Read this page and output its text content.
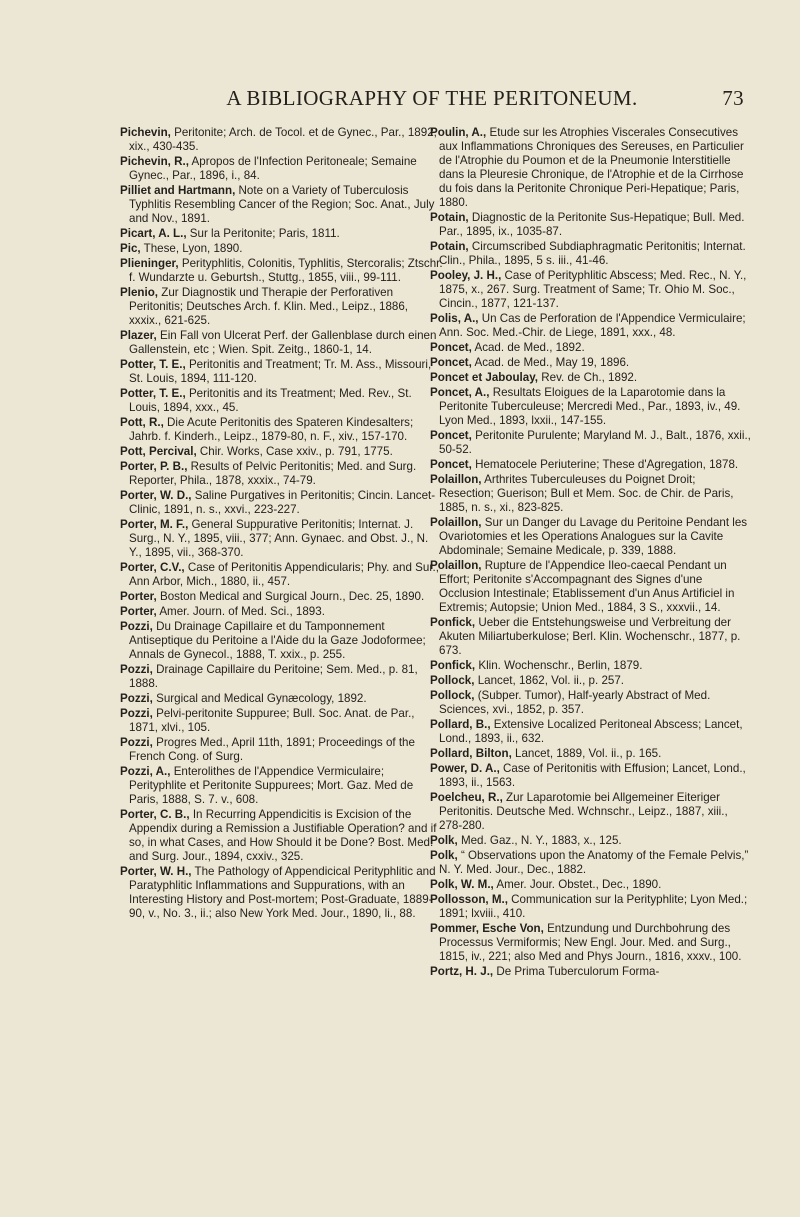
A BIBLIOGRAPHY OF THE PERITONEUM.	73
Pichevin, Peritonite; Arch. de Tocol. et de Gynec., Par., 1892, xix., 430-435.
Pichevin, R., Apropos de l'Infection Peritoneale; Semaine Gynec., Par., 1896, i., 84.
Pilliet and Hartmann, Note on a Variety of Tuberculosis Typhlitis Resembling Cancer of the Region; Soc. Anat., July and Nov., 1891.
Picart, A. L., Sur la Peritonite; Paris, 1811.
Pic, These, Lyon, 1890.
Plieninger, Perityphlitis, Colonitis, Typhlitis, Stercoralis; Ztschr. f. Wundarzte u. Geburtsh., Stuttg., 1855, viii., 99-111.
Plenio, Zur Diagnostik und Therapie der Perforativen Peritonitis; Deutsches Arch. f. Klin. Med., Leipz., 1886, xxxix., 621-625.
Plazer, Ein Fall von Ulcerat Perf. der Gallenblase durch einen Gallenstein, etc ; Wien. Spit. Zeitg., 1860-1, 14.
Potter, T. E., Peritonitis and Treatment; Tr. M. Ass., Missouri, St. Louis, 1894, 111-120.
Potter, T. E., Peritonitis and its Treatment; Med. Rev., St. Louis, 1894, xxx., 45.
Pott, R., Die Acute Peritonitis des Spateren Kindesalters; Jahrb. f. Kinderh., Leipz., 1879-80, n. F., xiv., 157-170.
Pott, Percival, Chir. Works, Case xxiv., p. 791, 1775.
Porter, P. B., Results of Pelvic Peritonitis; Med. and Surg. Reporter, Phila., 1878, xxxix., 74-79.
Porter, W. D., Saline Purgatives in Peritonitis; Cincin. Lancet-Clinic, 1891, n. s., xxvi., 223-227.
Porter, M. F., General Suppurative Peritonitis; Internat. J. Surg., N. Y., 1895, viii., 377; Ann. Gynaec. and Obst. J., N. Y., 1895, vii., 368-370.
Porter, C.V., Case of Peritonitis Appendicularis; Phy. and Sur., Ann Arbor, Mich., 1880, ii., 457.
Porter, Boston Medical and Surgical Journ., Dec. 25, 1890.
Porter, Amer. Journ. of Med. Sci., 1893.
Pozzi, Du Drainage Capillaire et du Tamponnement Antiseptique du Peritoine a l'Aide du la Gaze Jodoformee; Annals de Gynecol., 1888, T. xxix., p. 255.
Pozzi, Drainage Capillaire du Peritoine; Sem. Med., p. 81, 1888.
Pozzi, Surgical and Medical Gynæcology, 1892.
Pozzi, Pelvi-peritonite Suppuree; Bull. Soc. Anat. de Par., 1871, xlvi., 105.
Pozzi, Progres Med., April 11th, 1891; Proceedings of the French Cong. of Surg.
Pozzi, A., Enterolithes de l'Appendice Vermiculaire; Perityphlite et Peritonite Suppurees; Mort. Gaz. Med de Paris, 1888, S. 7. v., 608.
Porter, C. B., In Recurring Appendicitis is Excision of the Appendix during a Remission a Justifiable Operation? and if so, in what Cases, and How Should it be Done? Bost. Med. and Surg. Jour., 1894, cxxiv., 325.
Porter, W. H., The Pathology of Appendicical Perityphlitic and Paratyphlitic Inflammations and Suppurations, with an Interesting History and Post-mortem; Post-Graduate, 1889-90, v., No. 3., ii.; also New York Med. Jour., 1890, li., 88.
Poulin, A., Etude sur les Atrophies Viscerales Consecutives aux Inflammations Chroniques des Sereuses, en Particulier de l'Atrophie du Poumon et de la Pneumonie Interstitielle dans la Pleuresie Chronique, de l'Atrophie et de la Cirrhose du fois dans la Peritonite Chronique Peri-Hepatique; Paris, 1880.
Potain, Diagnostic de la Peritonite Sus-Hepatique; Bull. Med. Par., 1895, ix., 1035-87.
Potain, Circumscribed Subdiaphragmatic Peritonitis; Internat. Clin., Phila., 1895, 5 s. iii., 41-46.
Pooley, J. H., Case of Perityphlitic Abscess; Med. Rec., N. Y., 1875, x., 267. Surg. Treatment of Same; Tr. Ohio M. Soc., Cincin., 1877, 121-137.
Polis, A., Un Cas de Perforation de l'Appendice Vermiculaire; Ann. Soc. Med.-Chir. de Liege, 1891, xxx., 48.
Poncet, Acad. de Med., 1892.
Poncet, Acad. de Med., May 19, 1896.
Poncet et Jaboulay, Rev. de Ch., 1892.
Poncet, A., Resultats Eloigues de la Laparotomie dans la Peritonite Tuberculeuse; Mercredi Med., Par., 1893, iv., 49. Lyon Med., 1893, lxxii., 147-155.
Poncet, Peritonite Purulente; Maryland M. J., Balt., 1876, xxii., 50-52.
Poncet, Hematocele Periuterine; These d'Agregation, 1878.
Polaillon, Arthrites Tuberculeuses du Poignet Droit; Resection; Guerison; Bull et Mem. Soc. de Chir. de Paris, 1885, n. s., xi., 823-825.
Polaillon, Sur un Danger du Lavage du Peritoine Pendant les Ovariotomies et les Operations Analogues sur la Cavite Abdominale; Semaine Medicale, p. 339, 1888.
Polaillon, Rupture de l'Appendice Ileo-caecal Pendant un Effort; Peritonite s'Accompagnant des Signes d'une Occlusion Intestinale; Etablissement d'un Anus Artificiel in Extremis; Autopsie; Union Med., 1884, 3 S., xxxvii., 14.
Ponfick, Ueber die Entstehungsweise und Verbreitung der Akuten Miliartuberkulose; Berl. Klin. Wochenschr., 1877, p. 673.
Ponfick, Klin. Wochenschr., Berlin, 1879.
Pollock, Lancet, 1862, Vol. ii., p. 257.
Pollock, (Subper. Tumor), Half-yearly Abstract of Med. Sciences, xvi., 1852, p. 357.
Pollard, B., Extensive Localized Peritoneal Abscess; Lancet, Lond., 1893, ii., 632.
Pollard, Bilton, Lancet, 1889, Vol. ii., p. 165.
Power, D. A., Case of Peritonitis with Effusion; Lancet, Lond., 1893, ii., 1563.
Poelcheu, R., Zur Laparotomie bei Allgemeiner Eiteriger Peritonitis. Deutsche Med. Wchnschr., Leipz., 1887, xiii., 278-280.
Polk, Med. Gaz., N. Y., 1883, x., 125.
Polk, “ Observations upon the Anatomy of the Female Pelvis,” N. Y. Med. Jour., Dec., 1882.
Polk, W. M., Amer. Jour. Obstet., Dec., 1890.
Pollosson, M., Communication sur la Perityphlite; Lyon Med.; 1891; lxviii., 410.
Pommer, Esche Von, Entzundung und Durchbohrung des Processus Vermiformis; New Engl. Jour. Med. and Surg., 1815, iv., 221; also Med and Phys Journ., 1816, xxxv., 100.
Portz, H. J., De Prima Tuberculorum Forma-
